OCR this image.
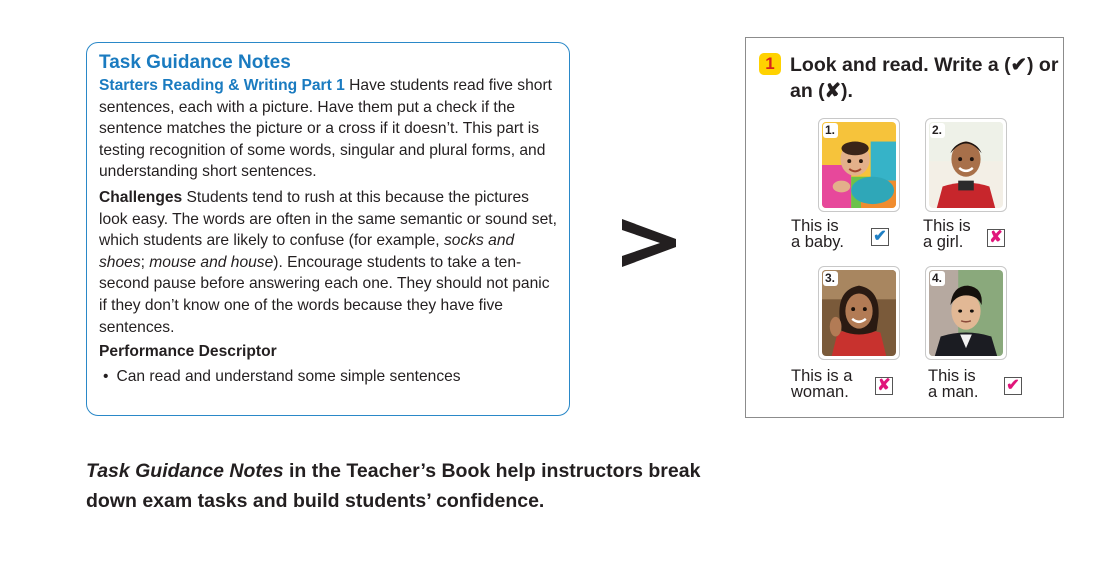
Task Guidance Notes
Starters Reading & Writing Part 1 Have students read five short sentences, each with a picture. Have them put a check if the sentence matches the picture or a cross if it doesn’t. This part is testing recognition of some words, singular and plural forms, and understanding short sentences.
Challenges Students tend to rush at this because the pictures look easy. The words are often in the same semantic or sound set, which students are likely to confuse (for example, socks and shoes; mouse and house). Encourage students to take a ten-second pause before answering each one. They should not panic if they don’t know one of the words because they have five sentences.
Performance Descriptor
• Can read and understand some simple sentences
1 Look and read. Write a (✔) or an (✘).
1.
This is
a baby.	✔
2.
This is
a girl.	✘
3.
This is a
woman.	✘
4.
This is
a man.	✔
Task Guidance Notes in the Teacher’s Book help instructors break down exam tasks and build students’ confidence.
